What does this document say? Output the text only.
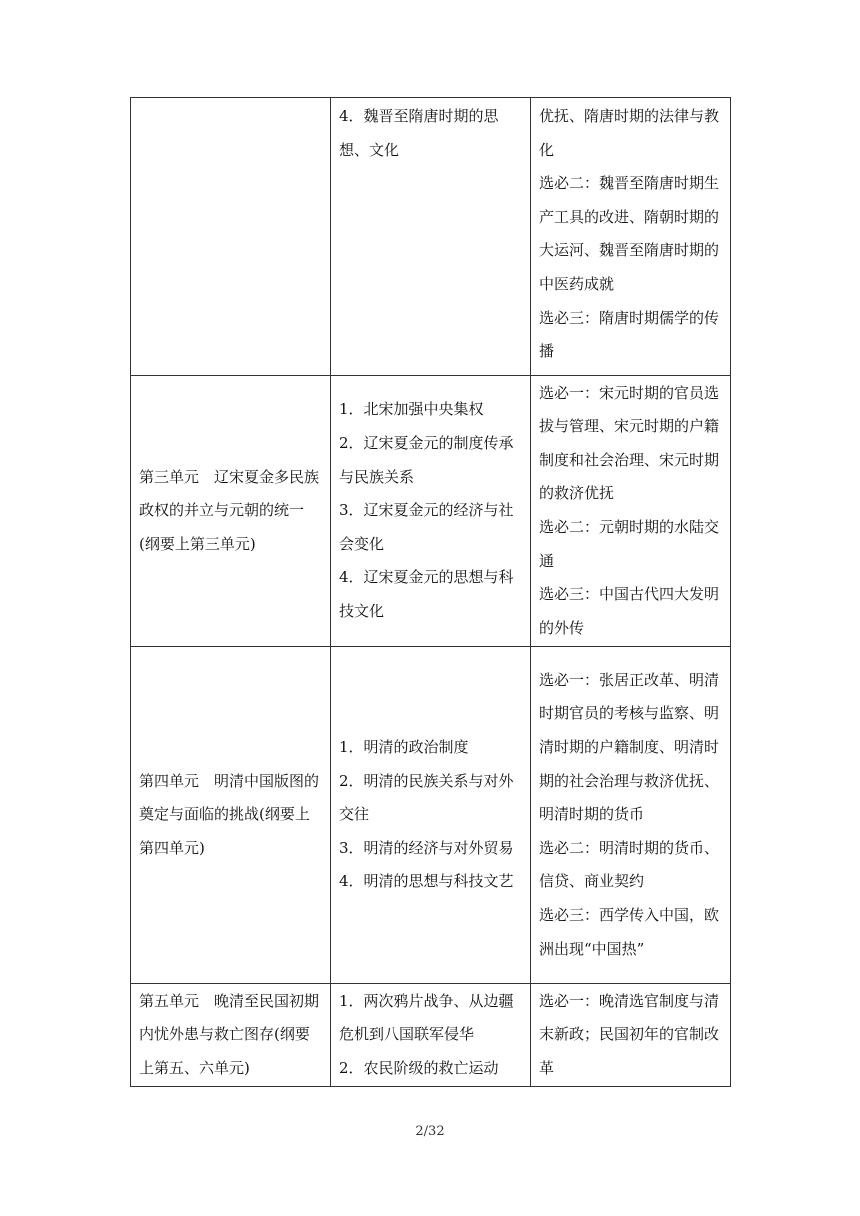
	4．魏晋至隋唐时期的思想、文化	优抚、隋唐时期的法律与教化
选必二：魏晋至隋唐时期生产工具的改进、隋朝时期的大运河、魏晋至隋唐时期的中医药成就
选必三：隋唐时期儒学的传播

第三单元　辽宋夏金多民族政权的并立与元朝的统一(纲要上第三单元)	1．北宋加强中央集权
2．辽宋夏金元的制度传承与民族关系
3．辽宋夏金元的经济与社会变化
4．辽宋夏金元的思想与科技文化	选必一：宋元时期的官员选拔与管理、宋元时期的户籍制度和社会治理、宋元时期的救济优抚
选必二：元朝时期的水陆交通
选必三：中国古代四大发明的外传

第四单元　明清中国版图的奠定与面临的挑战(纲要上第四单元)	1．明清的政治制度
2．明清的民族关系与对外交往
3．明清的经济与对外贸易
4．明清的思想与科技文艺	选必一：张居正改革、明清时期官员的考核与监察、明清时期的户籍制度、明清时期的社会治理与救济优抚、明清时期的货币
选必二：明清时期的货币、信贷、商业契约
选必三：西学传入中国，欧洲出现“中国热”

第五单元　晚清至民国初期内忧外患与救亡图存(纲要上第五、六单元)	1．两次鸦片战争、从边疆危机到八国联军侵华
2．农民阶级的救亡运动	选必一：晚清选官制度与清末新政；民国初年的官制改革
2/32
